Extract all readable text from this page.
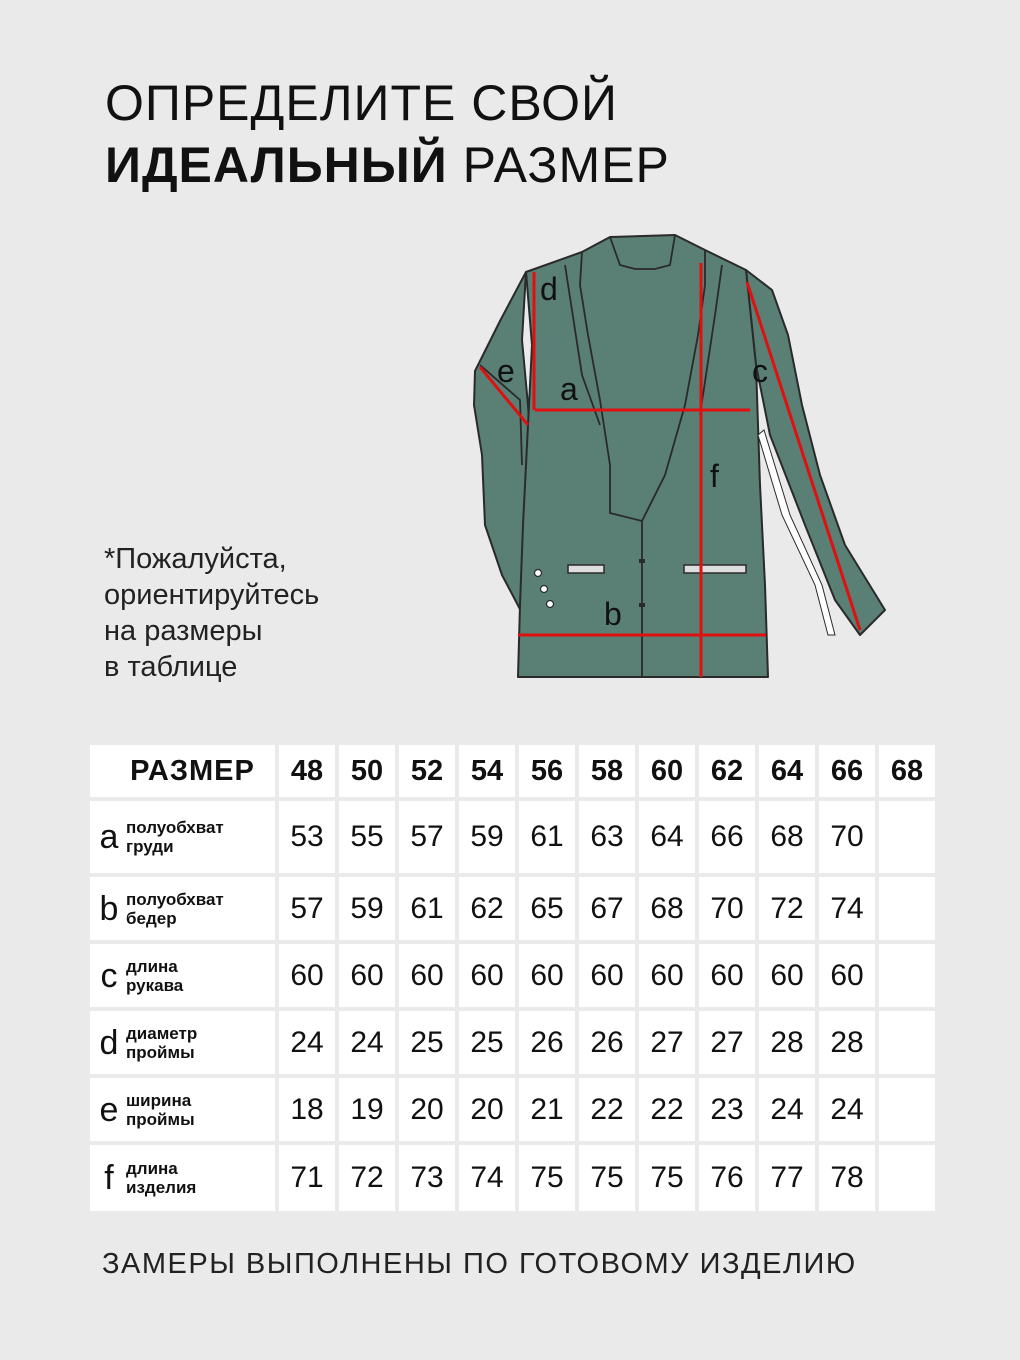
ОПРЕДЕЛИТЕ СВОЙ
ИДЕАЛЬНЫЙ РАЗМЕР
*Пожалуйста,
ориентируйтесь
на размеры
в таблице
a
b
c
d
e
f
РАЗМЕР	48	50	52	54	56	58	60	62	64	66	68

a полуобхват
груди	53	55	57	59	61	63	64	66	68	70	

b полуобхват
бедер	57	59	61	62	65	67	68	70	72	74	

c длина
рукава	60	60	60	60	60	60	60	60	60	60	

d диаметр
проймы	24	24	25	25	26	26	27	27	28	28	

e ширина
проймы	18	19	20	20	21	22	22	23	24	24	

f длина
изделия	71	72	73	74	75	75	75	76	77	78	
ЗАМЕРЫ ВЫПОЛНЕНЫ ПО ГОТОВОМУ ИЗДЕЛИЮ
